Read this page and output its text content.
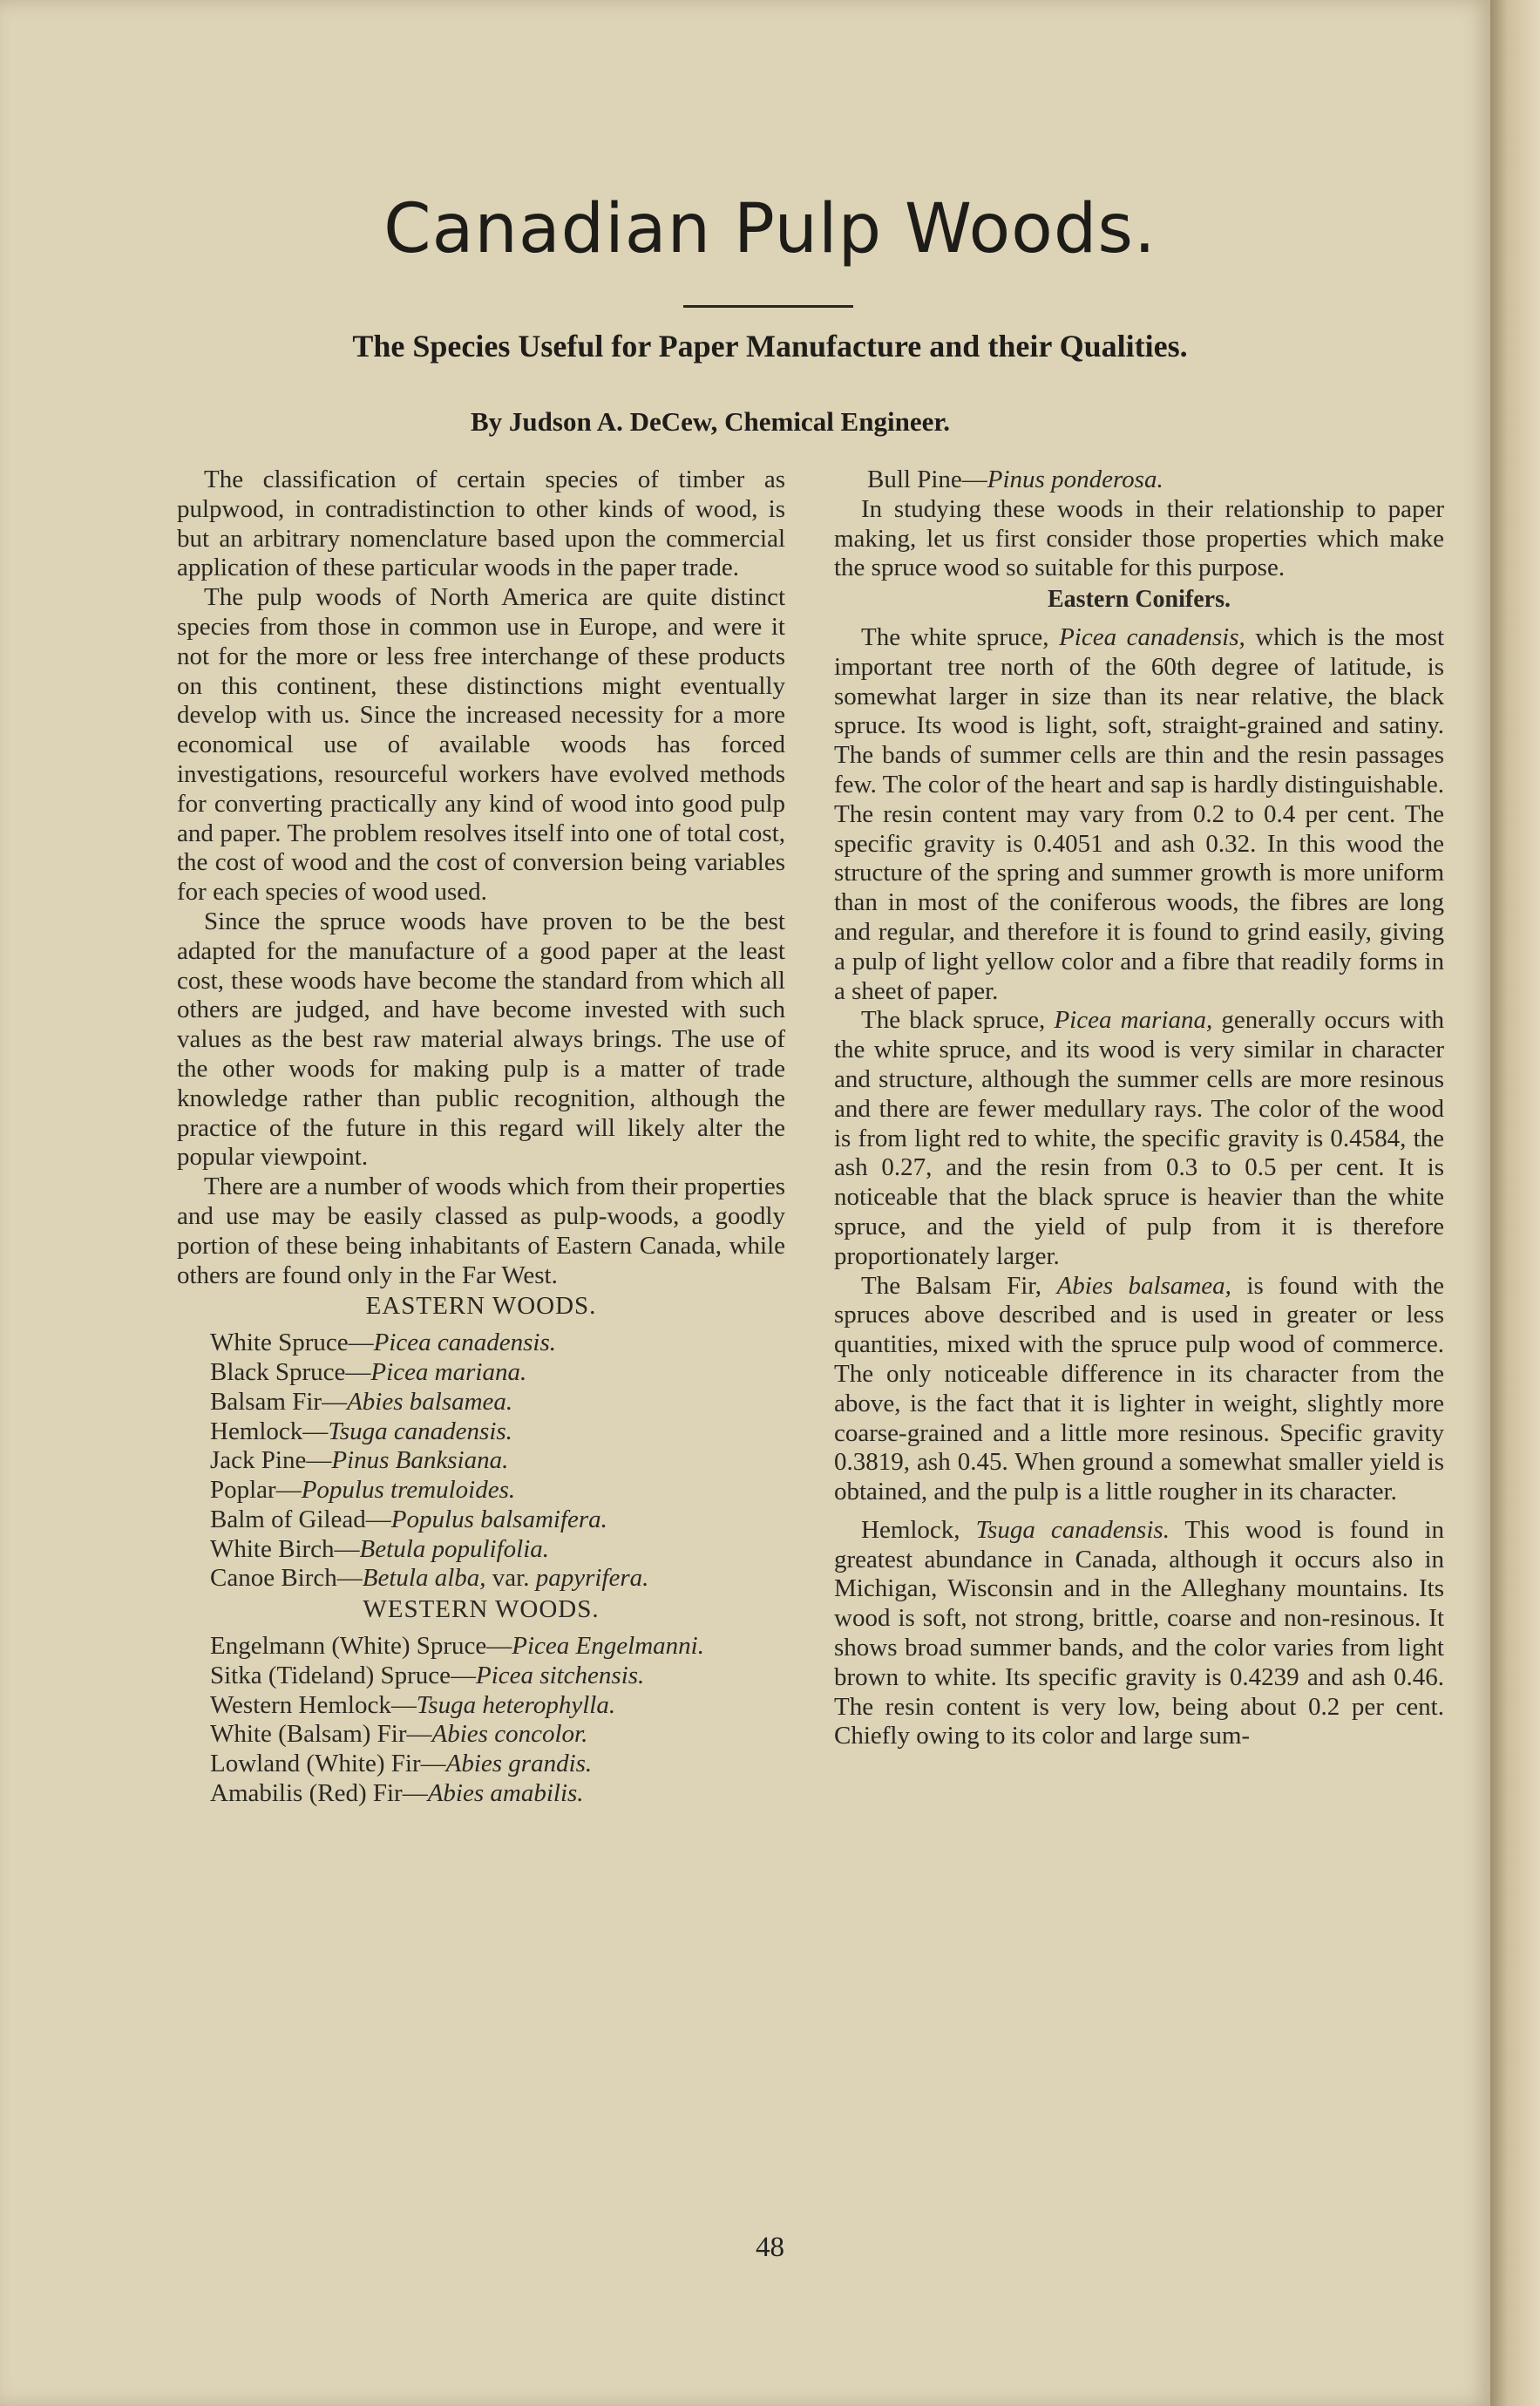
Canadian Pulp Woods.
The Species Useful for Paper Manufacture and their Qualities.

By Judson A. DeCew, Chemical Engineer.

The classification of certain species of timber as pulpwood, in contradistinction to other kinds of wood, is but an arbitrary nomenclature based upon the commercial application of these particular woods in the paper trade.

The pulp woods of North America are quite distinct species from those in common use in Europe, and were it not for the more or less free interchange of these products on this continent, these distinctions might eventually develop with us. Since the increased necessity for a more economical use of available woods has forced investigations, resourceful workers have evolved methods for converting practically any kind of wood into good pulp and paper. The problem resolves itself into one of total cost, the cost of wood and the cost of conversion being variables for each species of wood used.

Since the spruce woods have proven to be the best adapted for the manufacture of a good paper at the least cost, these woods have become the standard from which all others are judged, and have become invested with such values as the best raw material always brings. The use of the other woods for making pulp is a matter of trade knowledge rather than public recognition, although the practice of the future in this regard will likely alter the popular viewpoint.

There are a number of woods which from their properties and use may be easily classed as pulp-woods, a goodly portion of these being inhabitants of Eastern Canada, while others are found only in the Far West.

EASTERN WOODS.

White Spruce—Picea canadensis.

Black Spruce—Picea mariana.

Balsam Fir—Abies balsamea.

Hemlock—Tsuga canadensis.

Jack Pine—Pinus Banksiana.

Poplar—Populus tremuloides.

Balm of Gilead—Populus balsamifera.

White Birch—Betula populifolia.

Canoe Birch—Betula alba, var. papyrifera.

WESTERN WOODS.

Engelmann (White) Spruce—Picea Engelmanni.

Sitka (Tideland) Spruce—Picea sitchensis.

Western Hemlock—Tsuga heterophylla.

White (Balsam) Fir—Abies concolor.

Lowland (White) Fir—Abies grandis.

Amabilis (Red) Fir—Abies amabilis.

Bull Pine—Pinus ponderosa.

In studying these woods in their relationship to paper making, let us first consider those properties which make the spruce wood so suitable for this purpose.

Eastern Conifers.

The white spruce, Picea canadensis, which is the most important tree north of the 60th degree of latitude, is somewhat larger in size than its near relative, the black spruce. Its wood is light, soft, straight-grained and satiny. The bands of summer cells are thin and the resin passages few. The color of the heart and sap is hardly distinguishable. The resin content may vary from 0.2 to 0.4 per cent. The specific gravity is 0.4051 and ash 0.32. In this wood the structure of the spring and summer growth is more uniform than in most of the coniferous woods, the fibres are long and regular, and therefore it is found to grind easily, giving a pulp of light yellow color and a fibre that readily forms in a sheet of paper.

The black spruce, Picea mariana, generally occurs with the white spruce, and its wood is very similar in character and structure, although the summer cells are more resinous and there are fewer medullary rays. The color of the wood is from light red to white, the specific gravity is 0.4584, the ash 0.27, and the resin from 0.3 to 0.5 per cent. It is noticeable that the black spruce is heavier than the white spruce, and the yield of pulp from it is therefore proportionately larger.

The Balsam Fir, Abies balsamea, is found with the spruces above described and is used in greater or less quantities, mixed with the spruce pulp wood of commerce. The only noticeable difference in its character from the above, is the fact that it is lighter in weight, slightly more coarse-grained and a little more resinous. Specific gravity 0.3819, ash 0.45. When ground a somewhat smaller yield is obtained, and the pulp is a little rougher in its character.

Hemlock, Tsuga canadensis. This wood is found in greatest abundance in Canada, although it occurs also in Michigan, Wisconsin and in the Alleghany mountains. Its wood is soft, not strong, brittle, coarse and non-resinous. It shows broad summer bands, and the color varies from light brown to white. Its specific gravity is 0.4239 and ash 0.46. The resin content is very low, being about 0.2 per cent. Chiefly owing to its color and large sum-

48
